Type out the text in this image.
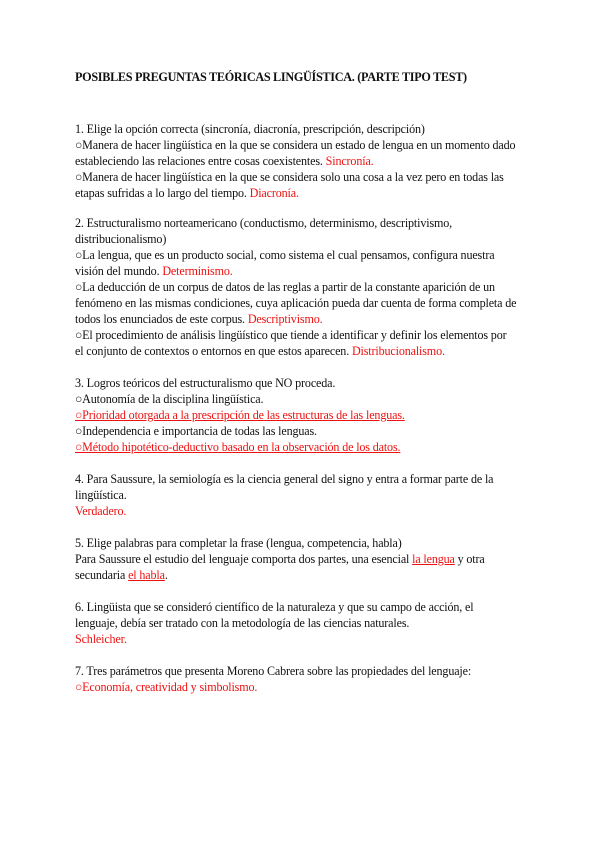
POSIBLES PREGUNTAS TEÓRICAS LINGÜÍSTICA. (PARTE TIPO TEST)
1. Elige la opción correcta (sincronía, diacronía, prescripción, descripción)
○Manera de hacer lingüística en la que se considera un estado de lengua en un momento dado
estableciendo las relaciones entre cosas coexistentes. Sincronía.
○Manera de hacer lingüística en la que se considera solo una cosa a la vez pero en todas las
etapas sufridas a lo largo del tiempo. Diacronía.
2. Estructuralismo norteamericano (conductismo, determinismo, descriptivismo,
distribucionalismo)
○La lengua, que es un producto social, como sistema el cual pensamos, configura nuestra
visión del mundo. Determinismo.
○La deducción de un corpus de datos de las reglas a partir de la constante aparición de un
fenómeno en las mismas condiciones, cuya aplicación pueda dar cuenta de forma completa de
todos los enunciados de este corpus. Descriptivismo.
○El procedimiento de análisis lingüístico que tiende a identificar y definir los elementos por
el conjunto de contextos o entornos en que estos aparecen. Distribucionalismo.
3. Logros teóricos del estructuralismo que NO proceda.
○Autonomía de la disciplina lingüística.
○Prioridad otorgada a la prescripción de las estructuras de las lenguas.
○Independencia e importancia de todas las lenguas.
○Método hipotético-deductivo basado en la observación de los datos.
4. Para Saussure, la semiología es la ciencia general del signo y entra a formar parte de la
lingüística.
Verdadero.
5. Elige palabras para completar la frase (lengua, competencia, habla)
Para Saussure el estudio del lenguaje comporta dos partes, una esencial la lengua y otra
secundaria el habla.
6. Lingüista que se consideró científico de la naturaleza y que su campo de acción, el
lenguaje, debía ser tratado con la metodología de las ciencias naturales.
Schleicher.
7. Tres parámetros que presenta Moreno Cabrera sobre las propiedades del lenguaje:
○Economía, creatividad y simbolismo.
